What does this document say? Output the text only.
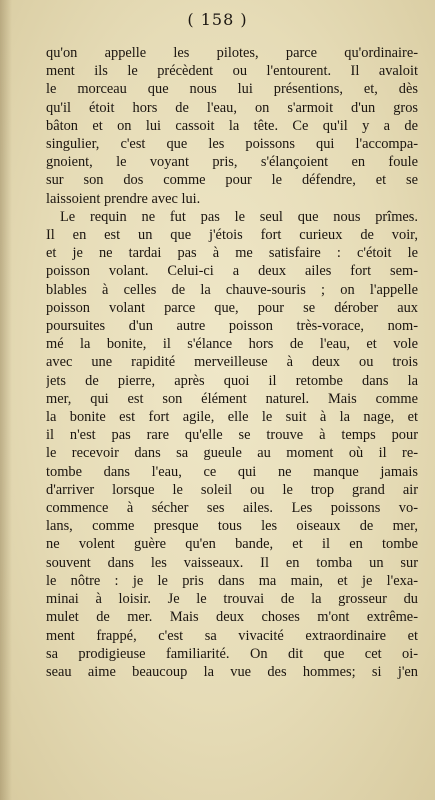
( 158 )
qu'on appelle les pilotes, parce qu'ordinaire-
ment ils le précèdent ou l'entourent. Il avaloit
le morceau que nous lui présentions, et, dès
qu'il étoit hors de l'eau, on s'armoit d'un gros
bâton et on lui cassoit la tête. Ce qu'il y a de
singulier, c'est que les poissons qui l'accompa-
gnoient, le voyant pris, s'élançoient en foule
sur son dos comme pour le défendre, et se
laissoient prendre avec lui.
Le requin ne fut pas le seul que nous prîmes.
Il en est un que j'étois fort curieux de voir,
et je ne tardai pas à me satisfaire : c'étoit le
poisson volant. Celui-ci a deux ailes fort sem-
blables à celles de la chauve-souris ; on l'appelle
poisson volant parce que, pour se dérober aux
poursuites d'un autre poisson très-vorace, nom-
mé la bonite, il s'élance hors de l'eau, et vole
avec une rapidité merveilleuse à deux ou trois
jets de pierre, après quoi il retombe dans la
mer, qui est son élément naturel. Mais comme
la bonite est fort agile, elle le suit à la nage, et
il n'est pas rare qu'elle se trouve à temps pour
le recevoir dans sa gueule au moment où il re-
tombe dans l'eau, ce qui ne manque jamais
d'arriver lorsque le soleil ou le trop grand air
commence à sécher ses ailes. Les poissons vo-
lans, comme presque tous les oiseaux de mer,
ne volent guère qu'en bande, et il en tombe
souvent dans les vaisseaux. Il en tomba un sur
le nôtre : je le pris dans ma main, et je l'exa-
minai à loisir. Je le trouvai de la grosseur du
mulet de mer. Mais deux choses m'ont extrême-
ment frappé, c'est sa vivacité extraordinaire et
sa prodigieuse familiarité. On dit que cet oi-
seau aime beaucoup la vue des hommes; si j'en
